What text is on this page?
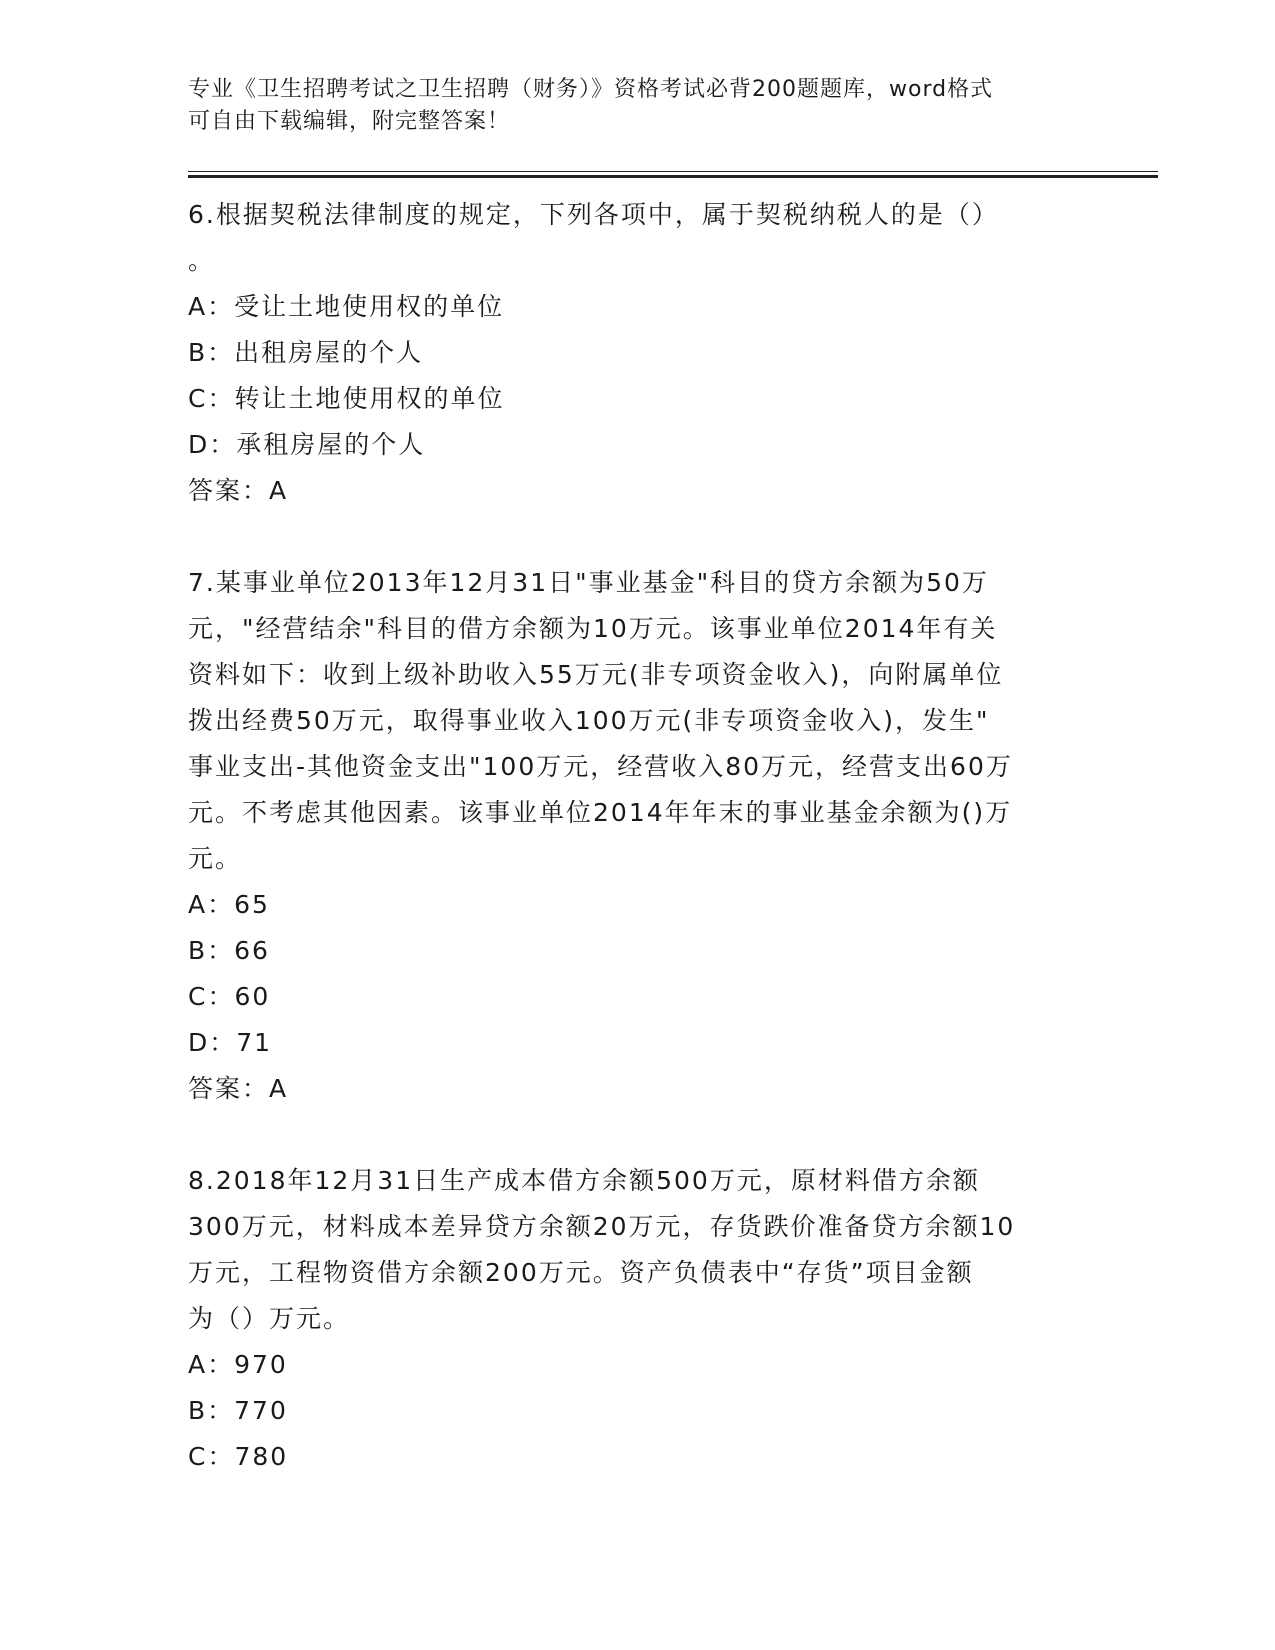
专业《卫生招聘考试之卫生招聘（财务）》资格考试必背200题题库，word格式
可自由下载编辑，附完整答案！
6.根据契税法律制度的规定，下列各项中，属于契税纳税人的是（）
。
A：受让土地使用权的单位
B：出租房屋的个人
C：转让土地使用权的单位
D：承租房屋的个人
答案：A
7.某事业单位2013年12月31日"事业基金"科目的贷方余额为50万
元，"经营结余"科目的借方余额为10万元。该事业单位2014年有关
资料如下：收到上级补助收入55万元(非专项资金收入)，向附属单位
拨出经费50万元，取得事业收入100万元(非专项资金收入)，发生"
事业支出-其他资金支出"100万元，经营收入80万元，经营支出60万
元。不考虑其他因素。该事业单位2014年年末的事业基金余额为()万
元。
A：65
B：66
C：60
D：71
答案：A
8.2018年12月31日生产成本借方余额500万元，原材料借方余额
300万元，材料成本差异贷方余额20万元，存货跌价准备贷方余额10
万元，工程物资借方余额200万元。资产负债表中“存货”项目金额
为（）万元。
A：970
B：770
C：780
